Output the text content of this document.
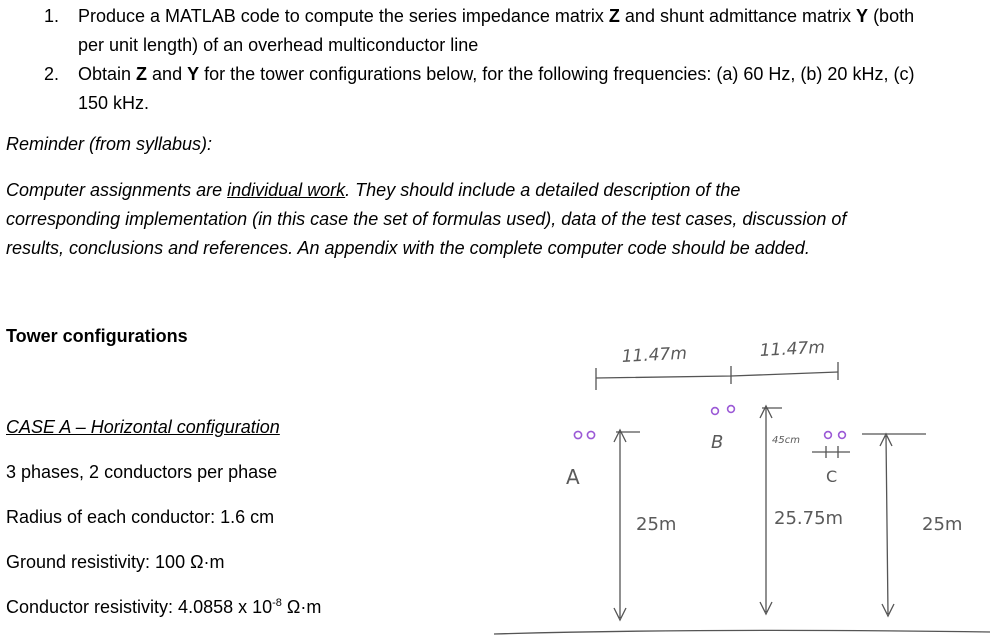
1.	Produce a MATLAB code to compute the series impedance matrix Z and shunt admittance matrix Y (both per unit length) of an overhead multiconductor line
2.	Obtain Z and Y for the tower configurations below, for the following frequencies: (a) 60 Hz, (b) 20 kHz, (c) 150 kHz.
Reminder (from syllabus):
Computer assignments are individual work. They should include a detailed description of the
corresponding implementation (in this case the set of formulas used), data of the test cases, discussion of
results, conclusions and references. An appendix with the complete computer code should be added.
Tower configurations
CASE A – Horizontal configuration
3 phases, 2 conductors per phase
Radius of each conductor: 1.6 cm
Ground resistivity: 100 Ω·m
Conductor resistivity: 4.0858 x $10^{-8}$ Ω·m
11.47m	11.47m
A
B
C
45cm
25m	25.75m	25m
